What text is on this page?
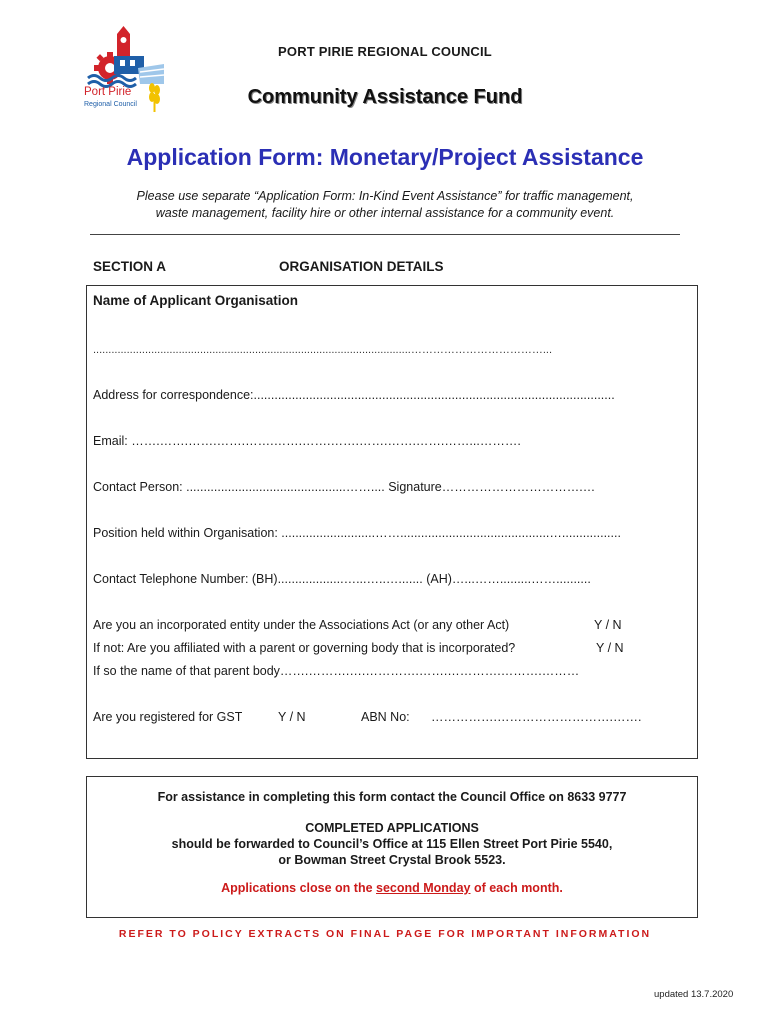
Port Pirie
Regional Council
PORT PIRIE REGIONAL COUNCIL
Community Assistance Fund
Application Form: Monetary/Project Assistance
Please use separate “Application Form: In-Kind Event Assistance” for traffic management,
waste management, facility hire or other internal assistance for a community event.
SECTION A	ORGANISATION DETAILS
Name of Applicant Organisation
........................................................................................................………………………………...
Address for correspondence:........................................................................................................
Email: …….…….…….…….…….…….…….…….…….…….…….……...……….
Contact Person: ..............................................…….... Signature…………………………….…
Position held within Organisation: ...........................……...........................................….................
Contact Telephone Number: (BH)...................…...…..…....... (AH)…...…….........……..........
Are you an incorporated entity under the Associations Act (or any other Act)	Y / N
If not: Are you affiliated with a parent or governing body that is incorporated?	Y / N
If so the name of that parent body…….……….….………….…….………….……….………
Are you registered for GST	Y / N	ABN No: …………….……………………….…….
For assistance in completing this form contact the Council Office on 8633 9777
COMPLETED APPLICATIONS
should be forwarded to Council’s Office at 115 Ellen Street Port Pirie 5540,
or Bowman Street Crystal Brook 5523.
Applications close on the second Monday of each month.
REFER TO POLICY EXTRACTS ON FINAL PAGE FOR IMPORTANT INFORMATION
updated 13.7.2020
